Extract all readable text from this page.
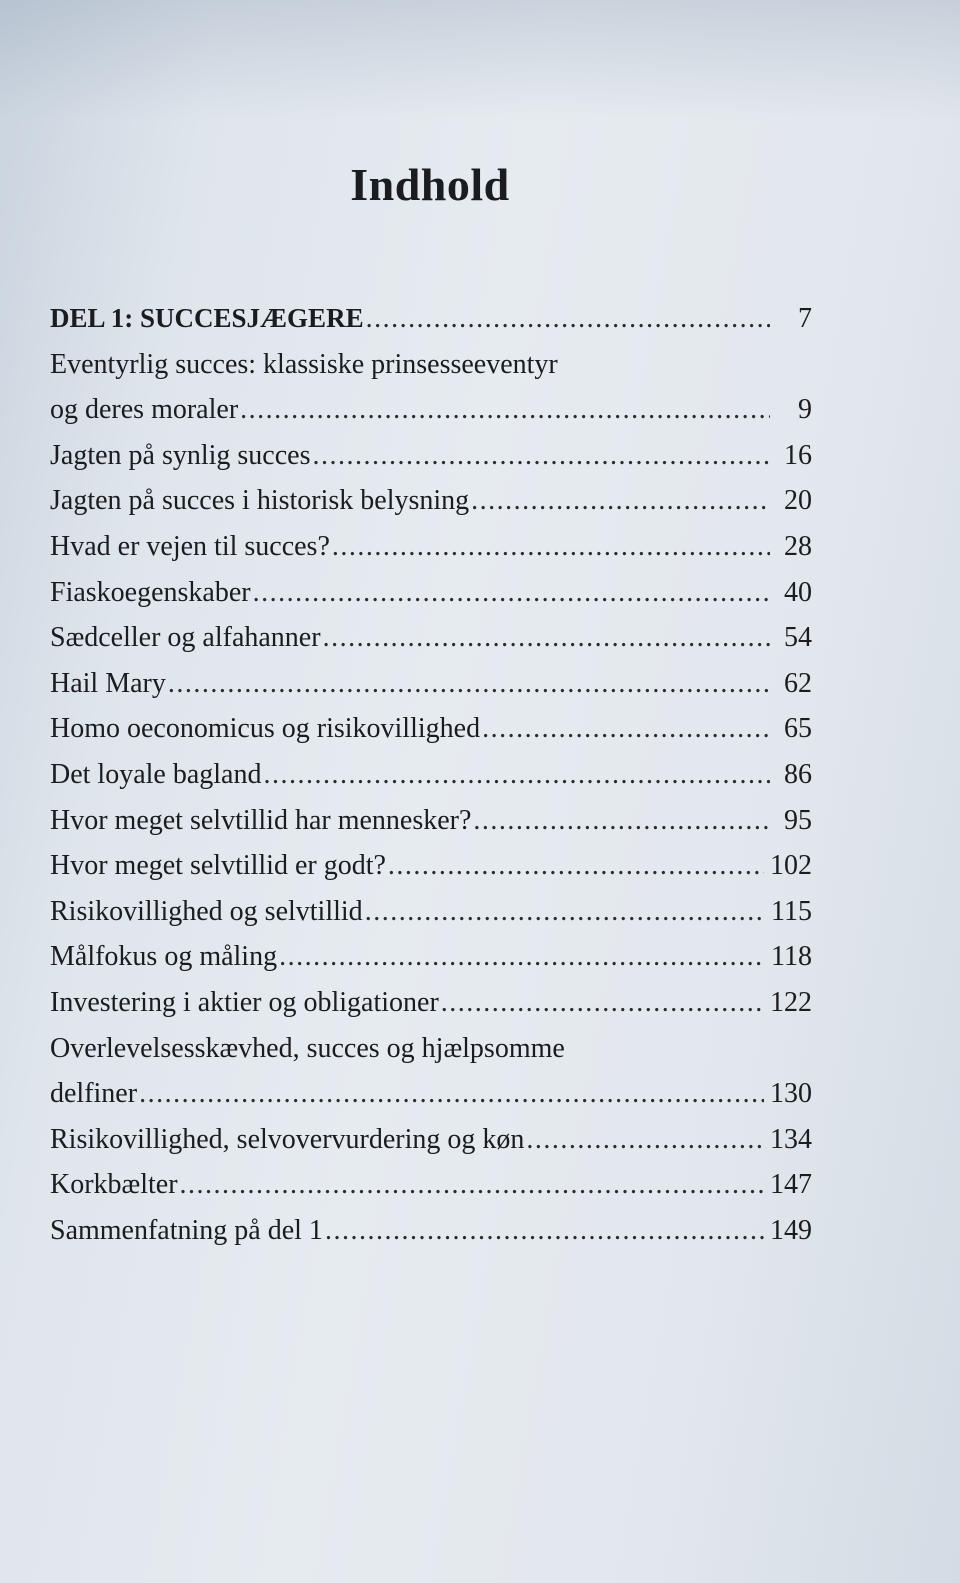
Indhold
DEL 1: SUCCESJÆGERE .....	7
Eventyrlig succes: klassiske prinsesseeventyr
og deres moraler .....	9
Jagten på synlig succes .....	16
Jagten på succes i historisk belysning .....	20
Hvad er vejen til succes? .....	28
Fiaskoegenskaber .....	40
Sædceller og alfahanner .....	54
Hail Mary .....	62
Homo oeconomicus og risikovillighed .....	65
Det loyale bagland .....	86
Hvor meget selvtillid har mennesker? .....	95
Hvor meget selvtillid er godt? .....	102
Risikovillighed og selvtillid .....	115
Målfokus og måling .....	118
Investering i aktier og obligationer .....	122
Overlevelsesskævhed, succes og hjælpsomme
delfiner .....	130
Risikovillighed, selvovervurdering og køn .....	134
Korkbælter .....	147
Sammenfatning på del 1 .....	149
